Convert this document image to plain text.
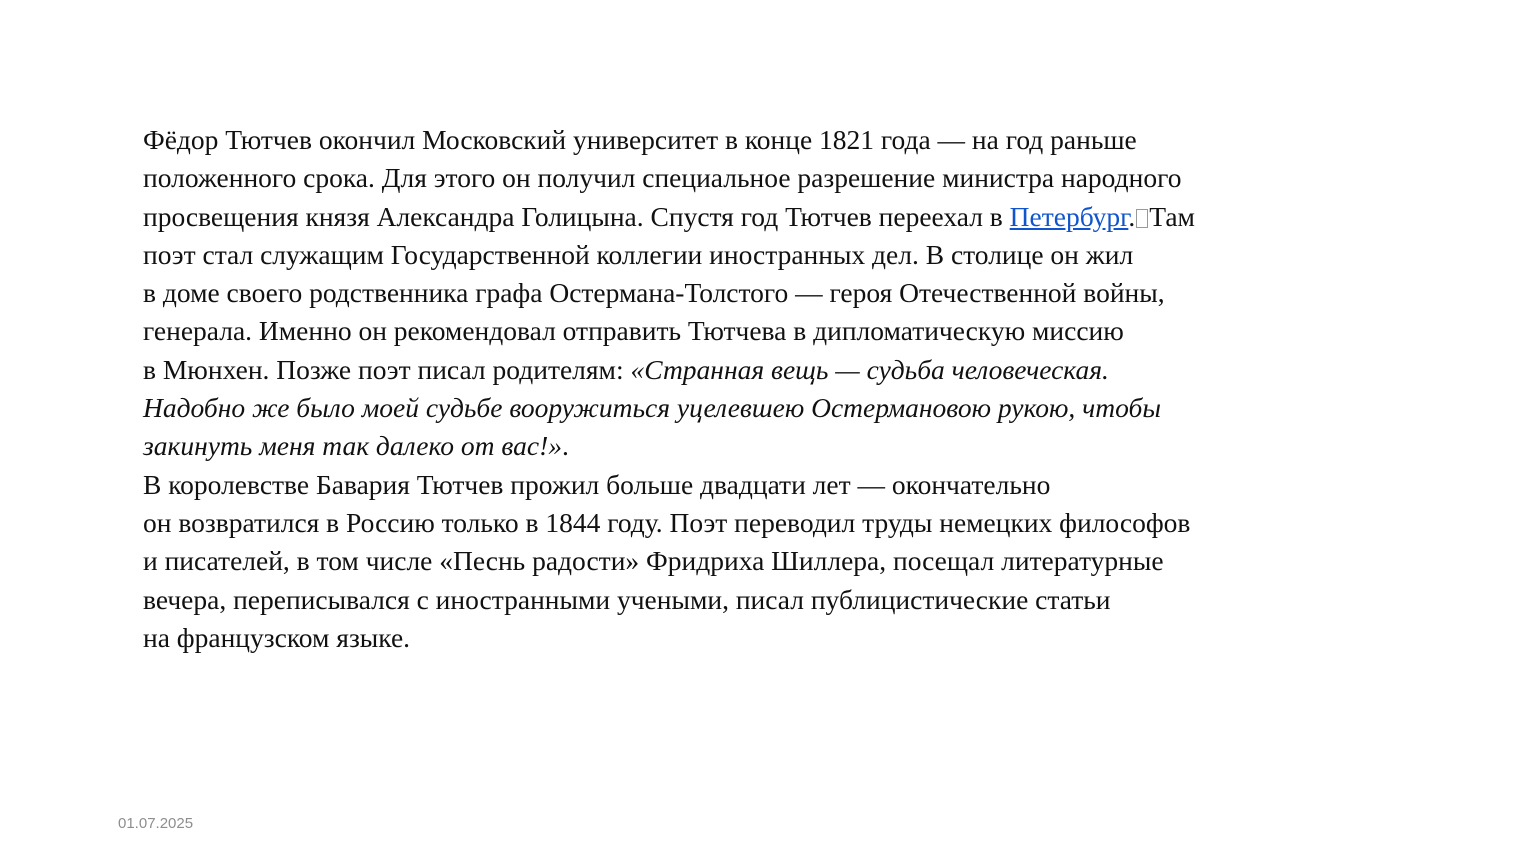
Фёдор Тютчев окончил Московский университет в конце 1821 года — на год раньше
положенного срока. Для этого он получил специальное разрешение министра народного
просвещения князя Александра Голицына. Спустя год Тютчев переехал в Петербург. Там
поэт стал служащим Государственной коллегии иностранных дел. В столице он жил
в доме своего родственника графа Остермана-Толстого — героя Отечественной войны,
генерала. Именно он рекомендовал отправить Тютчева в дипломатическую миссию
в Мюнхен. Позже поэт писал родителям: «Странная вещь — судьба человеческая.
Надобно же было моей судьбе вооружиться уцелевшею Остермановою рукою, чтобы
закинуть меня так далеко от вас!».
В королевстве Бавария Тютчев прожил больше двадцати лет — окончательно
он возвратился в Россию только в 1844 году. Поэт переводил труды немецких философов
и писателей, в том числе «Песнь радости» Фридриха Шиллера, посещал литературные
вечера, переписывался с иностранными учеными, писал публицистические статьи
на французском языке.
01.07.2025
